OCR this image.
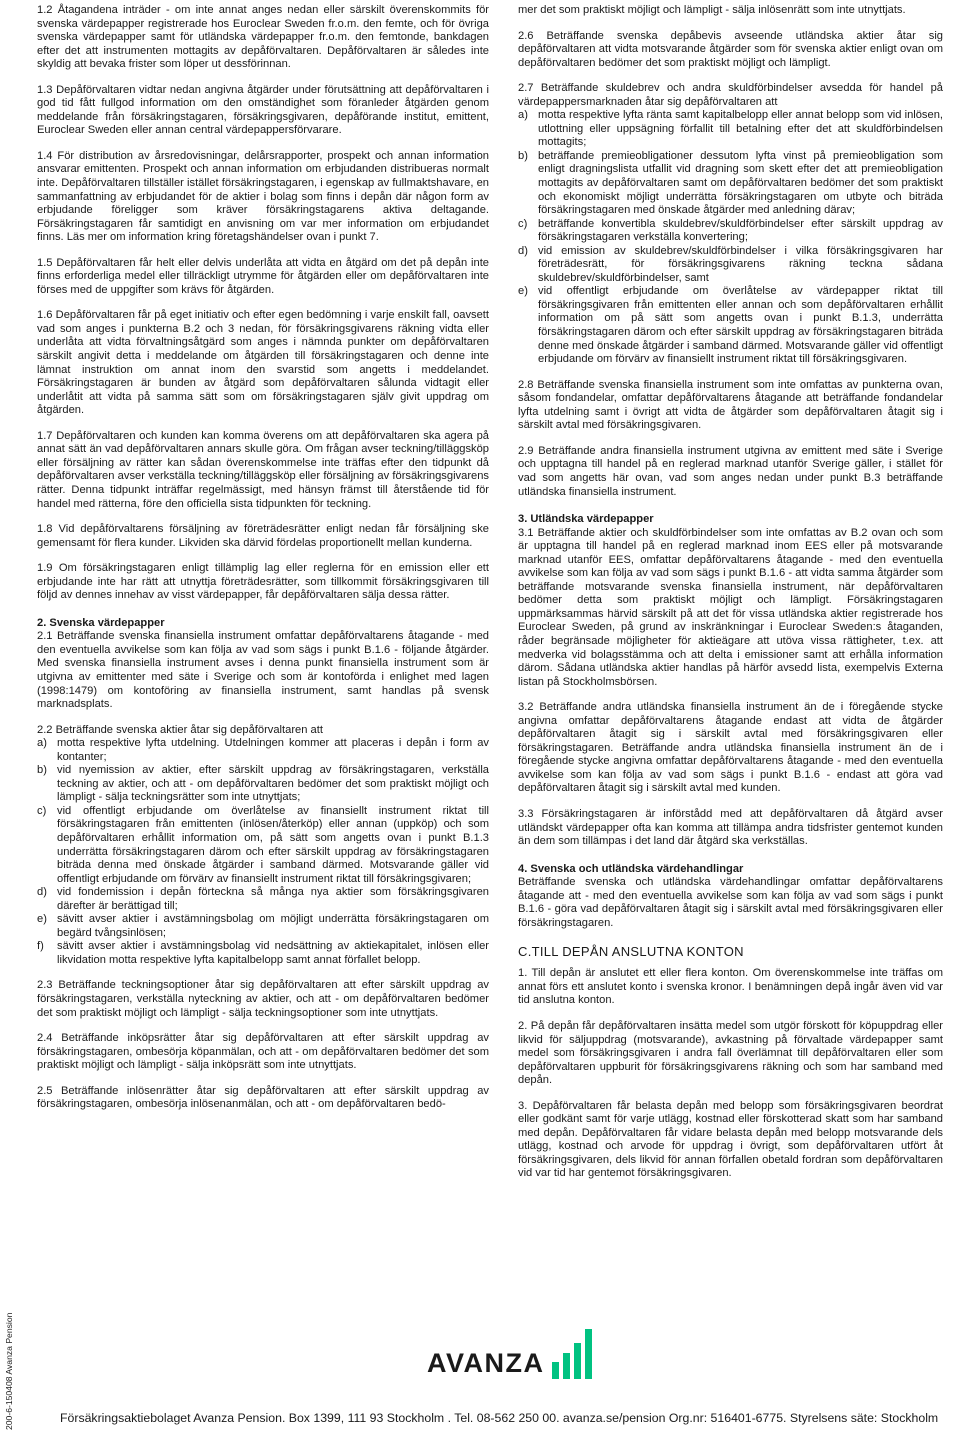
1.2 Åtagandena inträder - om inte annat anges nedan eller särskilt överenskommits för svenska värdepapper registrerade hos Euroclear Sweden fr.o.m. den femte, och för övriga svenska värdepapper samt för utländska värdepapper fr.o.m. den femtonde, bankdagen efter det att instrumenten mottagits av depåförvaltaren. Depåförvaltaren är således inte skyldig att bevaka frister som löper ut dessförinnan.

1.3 Depåförvaltaren vidtar nedan angivna åtgärder under förutsättning att depåförvaltaren i god tid fått fullgod information om den omständighet som föranleder åtgärden genom meddelande från försäkringstagaren, försäkringsgivaren, depåförande institut, emittent, Euroclear Sweden eller annan central värdepappersförvarare.

1.4 För distribution av årsredovisningar, delårsrapporter, prospekt och annan information ansvarar emittenten. Prospekt och annan information om erbjudanden distribueras normalt inte. Depåförvaltaren tillställer istället försäkringstagaren, i egenskap av fullmaktshavare, en sammanfattning av erbjudandet för de aktier i bolag som finns i depån där någon form av erbjudande föreligger som kräver försäkringstagarens aktiva deltagande. Försäkringstagaren får samtidigt en anvisning om var mer information om erbjudandet finns. Läs mer om information kring företagshändelser ovan i punkt 7.

1.5 Depåförvaltaren får helt eller delvis underlåta att vidta en åtgärd om det på depån inte finns erforderliga medel eller tillräckligt utrymme för åtgärden eller om depåförvaltaren inte förses med de uppgifter som krävs för åtgärden.

1.6 Depåförvaltaren får på eget initiativ och efter egen bedömning i varje enskilt fall, oavsett vad som anges i punkterna B.2 och 3 nedan, för försäkringsgivarens räkning vidta eller underlåta att vidta förvaltningsåtgärd som anges i nämnda punkter om depåförvaltaren särskilt angivit detta i meddelande om åtgärden till försäkringstagaren och denne inte lämnat instruktion om annat inom den svarstid som angetts i meddelandet. Försäkringstagaren är bunden av åtgärd som depåförvaltaren sålunda vidtagit eller underlåtit att vidta på samma sätt som om försäkringstagaren själv givit uppdrag om åtgärden.

1.7 Depåförvaltaren och kunden kan komma överens om att depåförvaltaren ska agera på annat sätt än vad depåförvaltaren annars skulle göra. Om frågan avser teckning/tilläggsköp eller försäljning av rätter kan sådan överenskommelse inte träffas efter den tidpunkt då depåförvaltaren avser verkställa teckning/tilläggsköp eller försäljning av försäkringsgivarens rätter. Denna tidpunkt inträffar regelmässigt, med hänsyn främst till återstående tid för handel med rätterna, före den officiella sista tidpunkten för teckning.

1.8 Vid depåförvaltarens försäljning av företrädesrätter enligt nedan får försäljning ske gemensamt för flera kunder. Likviden ska därvid fördelas proportionellt mellan kunderna.

1.9 Om försäkringstagaren enligt tillämplig lag eller reglerna för en emission eller ett erbjudande inte har rätt att utnyttja företrädesrätter, som tillkommit försäkringsgivaren till följd av dennes innehav av visst värdepapper, får depåförvaltaren sälja dessa rätter.

2. Svenska värdepapper

2.1 Beträffande svenska finansiella instrument omfattar depåförvaltarens åtagande - med den eventuella avvikelse som kan följa av vad som sägs i punkt B.1.6 - följande åtgärder. Med svenska finansiella instrument avses i denna punkt finansiella instrument som är utgivna av emittenter med säte i Sverige och som är kontoförda i enlighet med lagen (1998:1479) om kontoföring av finansiella instrument, samt handlas på svensk marknadsplats.

2.2 Beträffande svenska aktier åtar sig depåförvaltaren att

a) motta respektive lyfta utdelning. Utdelningen kommer att placeras i depån i form av kontanter;
b) vid nyemission av aktier, efter särskilt uppdrag av försäkringstagaren, verkställa teckning av aktier, och att - om depåförvaltaren bedömer det som praktiskt möjligt och lämpligt - sälja teckningsrätter som inte utnyttjats;
c) vid offentligt erbjudande om överlåtelse av finansiellt instrument riktat till försäkringstagaren från emittenten (inlösen/återköp) eller annan (uppköp) och som depåförvaltaren erhållit information om, på sätt som angetts ovan i punkt B.1.3 underrätta försäkringstagaren därom och efter särskilt uppdrag av försäkringstagaren biträda denna med önskade åtgärder i samband därmed. Motsvarande gäller vid offentligt erbjudande om förvärv av finansiellt instrument riktat till försäkringsgivaren;
d) vid fondemission i depån förteckna så många nya aktier som försäkringsgivaren därefter är berättigad till;
e) sävitt avser aktier i avstämningsbolag om möjligt underrätta försäkringstagaren om begärd tvångsinlösen;
f)	sävitt avser aktier i avstämningsbolag vid nedsättning av aktiekapitalet, inlösen eller likvidation motta respektive lyfta kapitalbelopp samt annat förfallet belopp.

2.3 Beträffande teckningsoptioner åtar sig depåförvaltaren att efter särskilt uppdrag av försäkringstagaren, verkställa nyteckning av aktier, och att - om depåförvaltaren bedömer det som praktiskt möjligt och lämpligt - sälja teckningsoptioner som inte utnyttjats.

2.4 Beträffande inköpsrätter åtar sig depåförvaltaren att efter särskilt uppdrag av försäkringstagaren, ombesörja köpanmälan, och att - om depåförvaltaren bedömer det som praktiskt möjligt och lämpligt - sälja inköpsrätt som inte utnyttjats.

2.5 Beträffande inlösenrätter åtar sig depåförvaltaren att efter särskilt uppdrag av försäkringstagaren, ombesörja inlösenanmälan, och att - om depåförvaltaren bedö-

mer det som praktiskt möjligt och lämpligt - sälja inlösenrätt som inte utnyttjats.

2.6 Beträffande svenska depåbevis avseende utländska aktier åtar sig depåförvaltaren att vidta motsvarande åtgärder som för svenska aktier enligt ovan om depåförvaltaren bedömer det som praktiskt möjligt och lämpligt.

2.7 Beträffande skuldebrev och andra skuldförbindelser avsedda för handel på värdepappersmarknaden åtar sig depåförvaltaren att

a) motta respektive lyfta ränta samt kapitalbelopp eller annat belopp som vid inlösen, utlottning eller uppsägning förfallit till betalning efter det att skuldförbindelsen mottagits;
b) beträffande premieobligationer dessutom lyfta vinst på premieobligation som enligt dragningslista utfallit vid dragning som skett efter det att premieobligation mottagits av depåförvaltaren samt om depåförvaltaren bedömer det som praktiskt och ekonomiskt möjligt underrätta försäkringstagaren om utbyte och biträda försäkringstagaren med önskade åtgärder med anledning därav;
c) beträffande konvertibla skuldebrev/skuldförbindelser efter särskilt uppdrag av försäkringstagaren verkställa konvertering;
d) vid emission av skuldebrev/skuldförbindelser i vilka försäkringsgivaren har företrädesrätt, för försäkringsgivarens räkning teckna sådana skuldebrev/skuldförbindelser, samt
e) vid offentligt erbjudande om överlåtelse av värdepapper riktat till försäkringsgivaren från emittenten eller annan och som depåförvaltaren erhållit information om på sätt som angetts ovan i punkt B.1.3, underrätta försäkringstagaren därom och efter särskilt uppdrag av försäkringstagaren biträda denne med önskade åtgärder i samband därmed. Motsvarande gäller vid offentligt erbjudande om förvärv av finansiellt instrument riktat till försäkringsgivaren.

2.8 Beträffande svenska finansiella instrument som inte omfattas av punkterna ovan, såsom fondandelar, omfattar depåförvaltarens åtagande att beträffande fondandelar lyfta utdelning samt i övrigt att vidta de åtgärder som depåförvaltaren åtagit sig i särskilt avtal med försäkringsgivaren.

2.9 Beträffande andra finansiella instrument utgivna av emittent med säte i Sverige och upptagna till handel på en reglerad marknad utanför Sverige gäller, i stället för vad som angetts här ovan, vad som anges nedan under punkt B.3 beträffande utländska finansiella instrument.

3. Utländska värdepapper

3.1 Beträffande aktier och skuldförbindelser som inte omfattas av B.2 ovan och som är upptagna till handel på en reglerad marknad inom EES eller på motsvarande marknad utanför EES, omfattar depåförvaltarens åtagande - med den eventuella avvikelse som kan följa av vad som sägs i punkt B.1.6 - att vidta samma åtgärder som beträffande motsvarande svenska finansiella instrument, när depåförvaltaren bedömer detta som praktiskt möjligt och lämpligt. Försäkringstagaren uppmärksammas härvid särskilt på att det för vissa utländska aktier registrerade hos Euroclear Sweden, på grund av inskränkningar i Euroclear Sweden:s åtaganden, råder begränsade möjligheter för aktieägare att utöva vissa rättigheter, t.ex. att medverka vid bolagsstämma och att delta i emissioner samt att erhålla information därom. Sådana utländska aktier handlas på härför avsedd lista, exempelvis Externa listan på Stockholmsbörsen.

3.2 Beträffande andra utländska finansiella instrument än de i föregående stycke angivna omfattar depåförvaltarens åtagande endast att vidta de åtgärder depåförvaltaren åtagit sig i särskilt avtal med försäkringsgivaren eller försäkringstagaren. Beträffande andra utländska finansiella instrument än de i föregående stycke angivna omfattar depåförvaltarens åtagande - med den eventuella avvikelse som kan följa av vad som sägs i punkt B.1.6 - endast att göra vad depåförvaltaren åtagit sig i särskilt avtal med kunden.

3.3 Försäkringstagaren är införstådd med att depåförvaltaren då åtgärd avser utländskt värdepapper ofta kan komma att tillämpa andra tidsfrister gentemot kunden än dem som tillämpas i det land där åtgärd ska verkställas.

4. Svenska och utländska värdehandlingar

Beträffande svenska och utländska värdehandlingar omfattar depåförvaltarens åtagande att - med den eventuella avvikelse som kan följa av vad som sägs i punkt B.1.6 - göra vad depåförvaltaren åtagit sig i särskilt avtal med försäkringsgivaren eller försäkringstagaren.

C.TILL DEPÅN ANSLUTNA KONTON

1. Till depån är anslutet ett eller flera konton. Om överenskommelse inte träffas om annat förs ett anslutet konto i svenska kronor. I benämningen depå ingår även vid var tid anslutna konton.

2. På depån får depåförvaltaren insätta medel som utgör förskott för köpuppdrag eller likvid för säljuppdrag (motsvarande), avkastning på förvaltade värdepapper samt medel som försäkringsgivaren i andra fall överlämnat till depåförvaltaren eller som depåförvaltaren uppburit för försäkringsgivarens räkning och som har samband med depån.

3. Depåförvaltaren får belasta depån med belopp som försäkringsgivaren beordrat eller godkänt samt för varje utlägg, kostnad eller förskotterad skatt som har samband med depån. Depåförvaltaren får vidare belasta depån med belopp motsvarande dels utlägg, kostnad och arvode för uppdrag i övrigt, som depåförvaltaren utfört åt försäkringsgivaren, dels likvid för annan förfallen obetald fordran som depåförvaltaren vid var tid har gentemot försäkringsgivaren.

200-6-150408 Avanza Pension	AVANZA
Försäkringsaktiebolaget Avanza Pension. Box 1399, 111 93 Stockholm . Tel. 08-562 250 00. avanza.se/pension Org.nr: 516401-6775. Styrelsens säte: Stockholm
